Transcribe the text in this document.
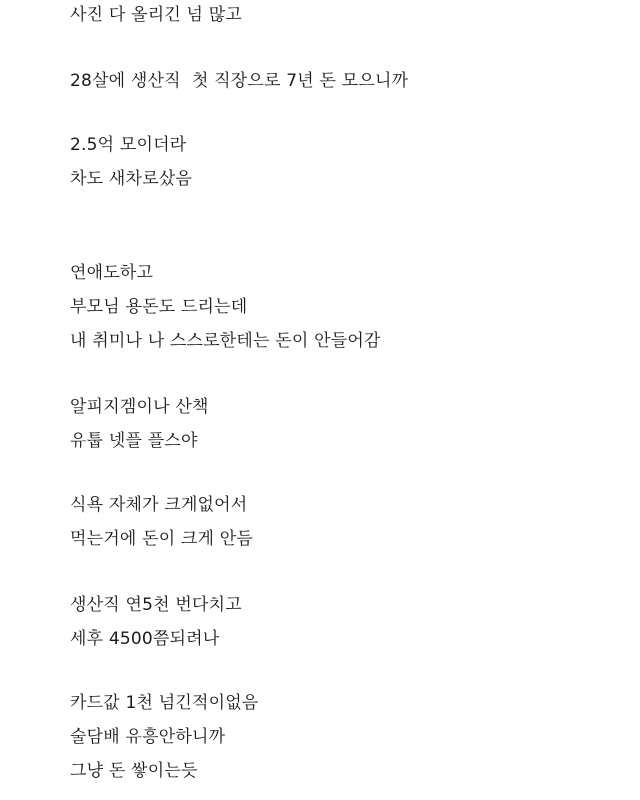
사진 다 올리긴 넘 많고
28살에 생산직  첫 직장으로 7년 돈 모으니까
2.5억 모이더라
차도 새차로샀음
연애도하고
부모님 용돈도 드리는데
내 취미나 나 스스로한테는 돈이 안들어감
알피지겜이나 산책
유툽 넷플 플스야
식욕 자체가 크게없어서
먹는거에 돈이 크게 안듬
생산직 연5천 번다치고
세후 4500쯤되려나
카드값 1천 넘긴적이없음
술담배 유흥안하니까
그냥 돈 쌓이는듯
